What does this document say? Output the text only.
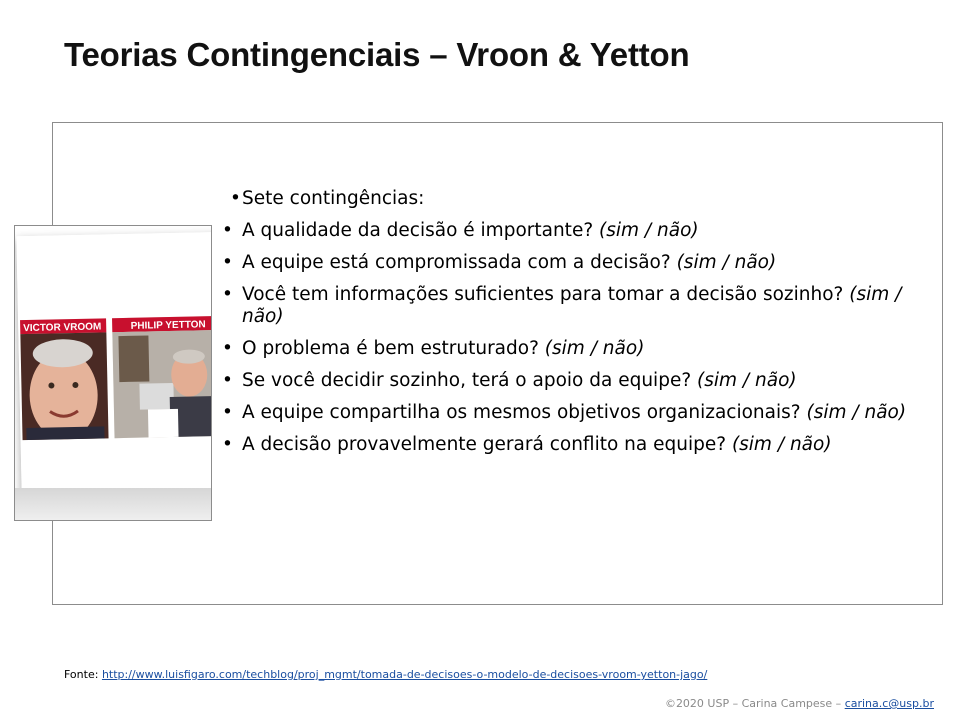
Teorias Contingenciais – Vroon & Yetton
VICTOR VROOM	PHILIP YETTON
• Sete contingências:
• A qualidade da decisão é importante? (sim / não)
• A equipe está compromissada com a decisão? (sim / não)
• Você tem informações suficientes para tomar a decisão sozinho? (sim / não)
• O problema é bem estruturado? (sim / não)
• Se você decidir sozinho, terá o apoio da equipe? (sim / não)
• A equipe compartilha os mesmos objetivos organizacionais? (sim / não)
• A decisão provavelmente gerará conflito na equipe? (sim / não)
Fonte: http://www.luisfigaro.com/techblog/proj_mgmt/tomada-de-decisoes-o-modelo-de-decisoes-vroom-yetton-jago/
©2020 USP – Carina Campese – carina.c@usp.br
